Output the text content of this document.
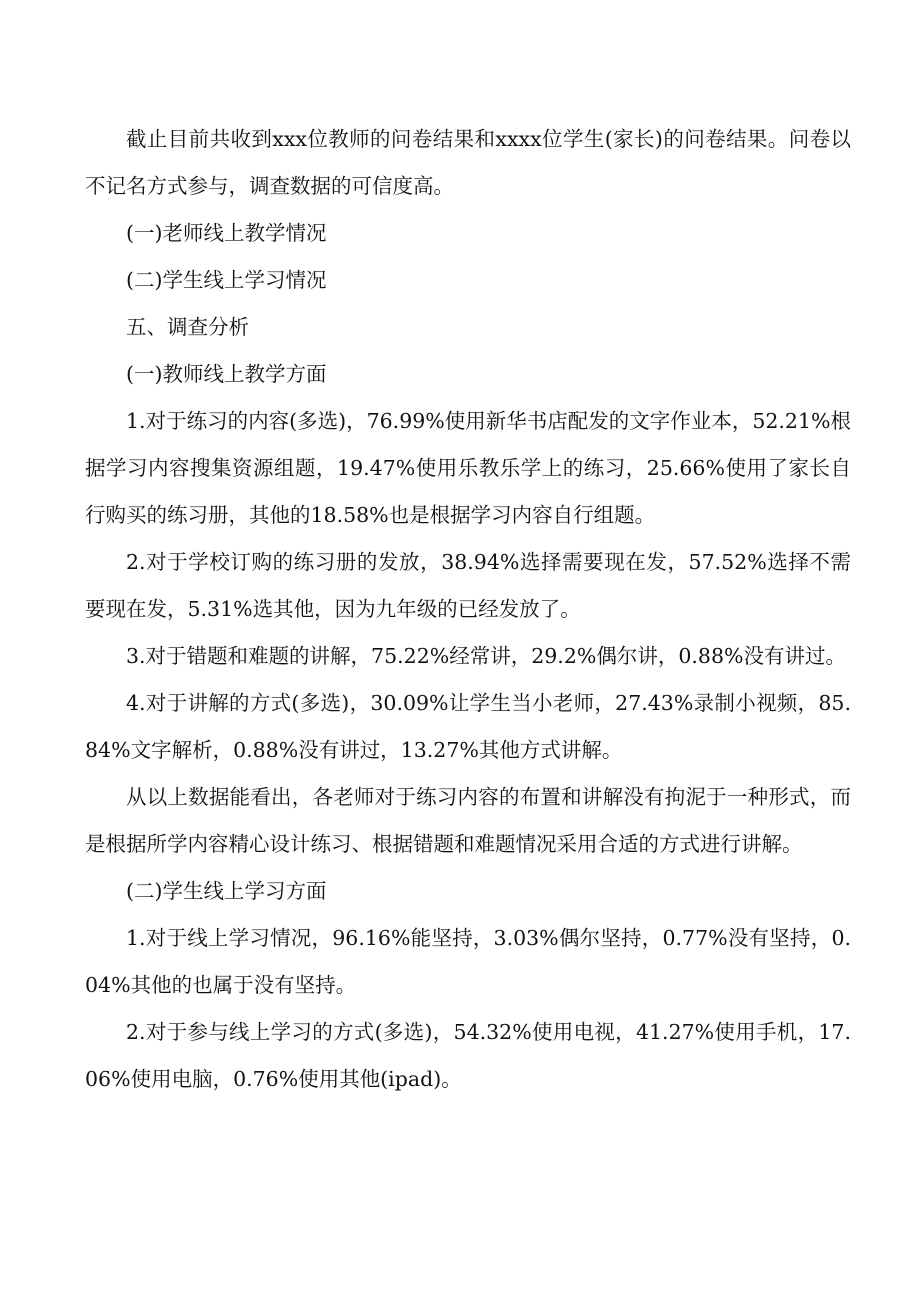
截止目前共收到xxx位教师的问卷结果和xxxx位学生(家长)的问卷结果。问卷以不记名方式参与，调查数据的可信度高。

(一)老师线上教学情况

(二)学生线上学习情况

五、调查分析

(一)教师线上教学方面

1.对于练习的内容(多选)，76.99%使用新华书店配发的文字作业本，52.21%根据学习内容搜集资源组题，19.47%使用乐教乐学上的练习，25.66%使用了家长自行购买的练习册，其他的18.58%也是根据学习内容自行组题。

2.对于学校订购的练习册的发放，38.94%选择需要现在发，57.52%选择不需要现在发，5.31%选其他，因为九年级的已经发放了。

3.对于错题和难题的讲解，75.22%经常讲，29.2%偶尔讲，0.88%没有讲过。

4.对于讲解的方式(多选)，30.09%让学生当小老师，27.43%录制小视频，85.84%文字解析，0.88%没有讲过，13.27%其他方式讲解。

从以上数据能看出，各老师对于练习内容的布置和讲解没有拘泥于一种形式，而是根据所学内容精心设计练习、根据错题和难题情况采用合适的方式进行讲解。

(二)学生线上学习方面

1.对于线上学习情况，96.16%能坚持，3.03%偶尔坚持，0.77%没有坚持，0.04%其他的也属于没有坚持。

2.对于参与线上学习的方式(多选)，54.32%使用电视，41.27%使用手机，17.06%使用电脑，0.76%使用其他(ipad)。
